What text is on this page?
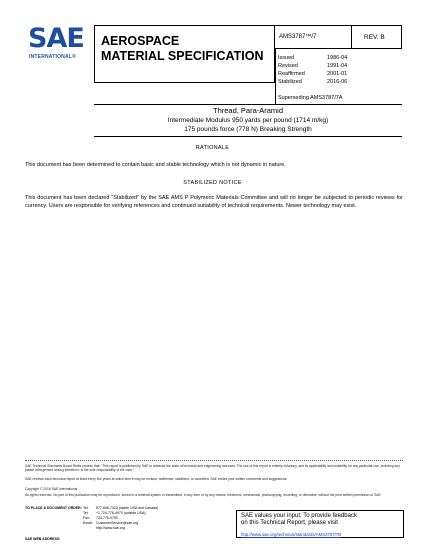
SAE
INTERNATIONAL®
AEROSPACE
MATERIAL SPECIFICATION
AMS3787™/7	REV. B
Issued	1986-04
Revised	1991-04
Reaffirmed	2001-01
Stabilized	2016-06
Superseding AMS3787/7A
Thread, Para-Aramid
Intermediate Modulus 950 yards per pound (1714 m/kg)
175 pounds force (778 N) Breaking Strength
RATIONALE
This document has been determined to contain basic and stable technology which is not dynamic in nature.
STABILIZED NOTICE
This document has been declared "Stabilized" by the SAE AMS P Polymeric Materials Committee and will no longer be subjected to periodic reviews for currency. Users are responsible for verifying references and continued suitability of technical requirements. Newer technology may exist.
SAE Technical Standards Board Rules provide that: "This report is published by SAE to advance the state of technical and engineering sciences. The use of this report is entirely voluntary, and its applicability and suitability for any particular use, including any patent infringement arising therefrom, is the sole responsibility of the user."
SAE reviews each technical report at least every five years at which time it may be revised, reaffirmed, stabilized, or cancelled. SAE invites your written comments and suggestions.
Copyright © 2016 SAE International
All rights reserved. No part of this publication may be reproduced, stored in a retrieval system or transmitted, in any form or by any means, electronic, mechanical, photocopying, recording, or otherwise, without the prior written permission of SAE.
TO PLACE A DOCUMENT ORDER: Tel: 877-606-7323 (inside USA and Canada)
Tel: +1 724-776-4970 (outside USA)
Fax: 724-776-0790
Email: CustomerService@sae.org
http://www.sae.org
SAE WEB ADDRESS:
SAE values your input. To provide feedback
on this Technical Report, please visit
http://www.sae.org/technical/standards/AMS3787/7B
